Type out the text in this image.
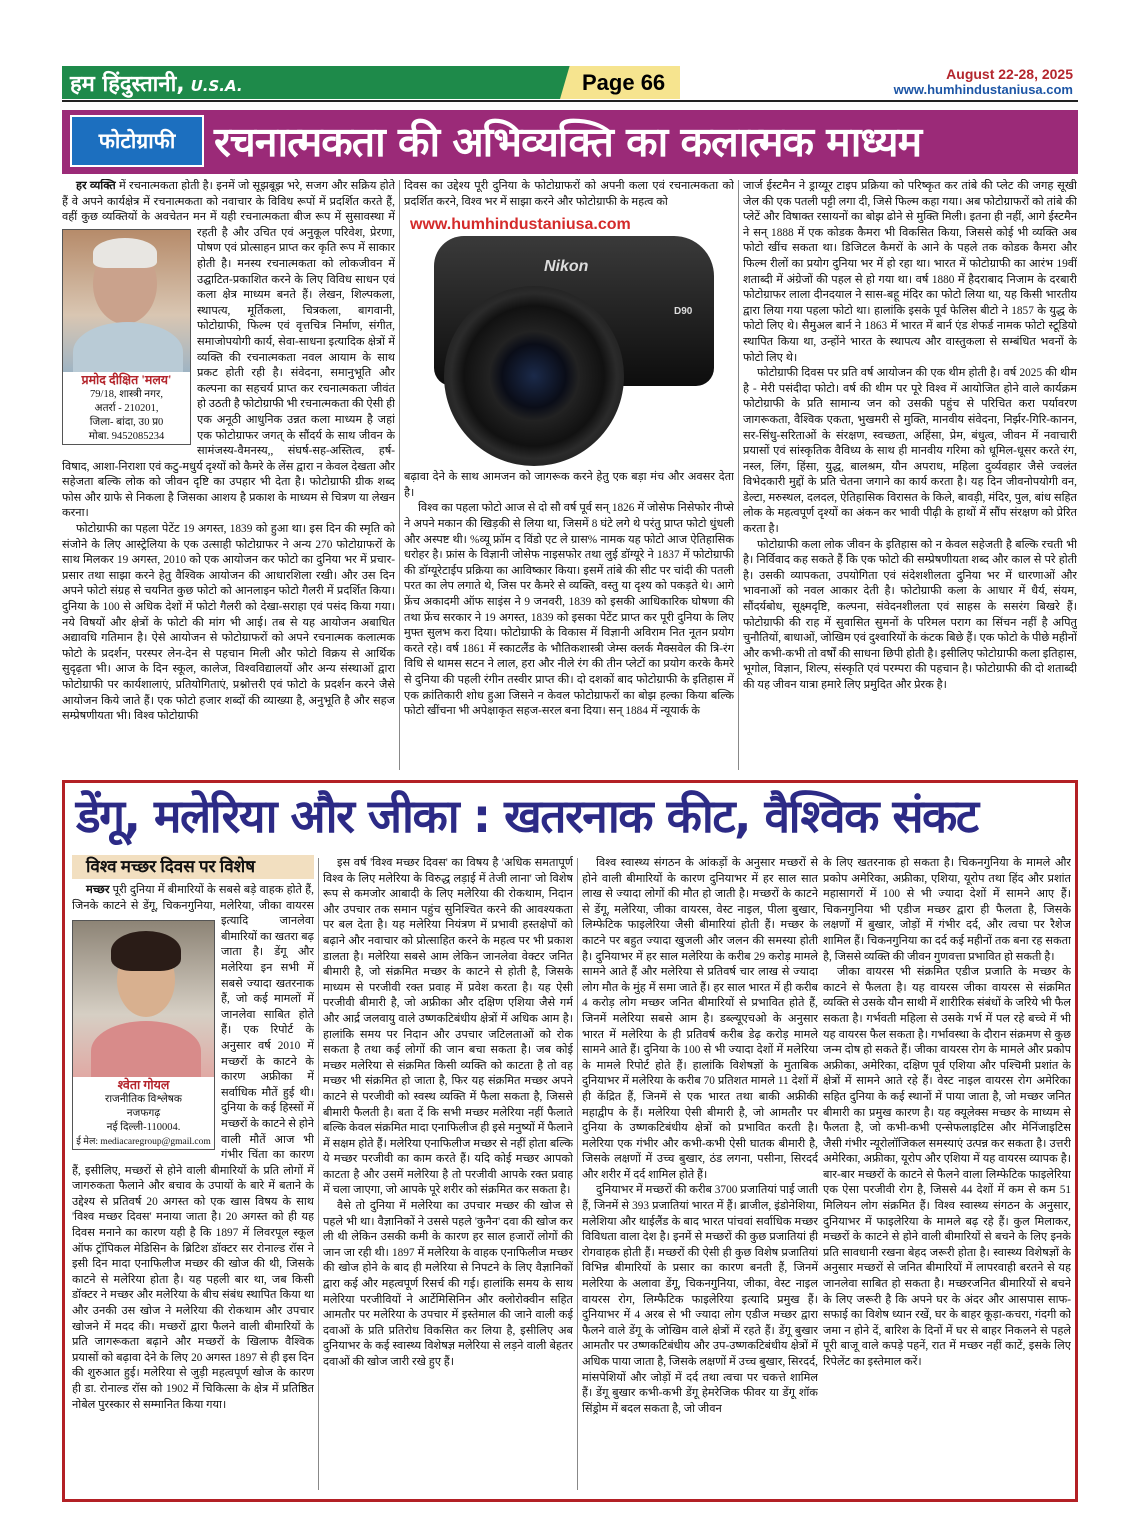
हम हिंदुस्तानी, U.S.A.	Page 66	August 22-28, 2025
www.humhindustaniusa.com
फोटोग्राफी रचनात्मकता की अभिव्यक्ति का कलात्मक माध्यम
प्रमोद दीक्षित 'मलय'
79/18, शास्त्री नगर,
अतर्रा - 210201,
जिला- बांदा, उ0 प्र0
मोबा. 9452085234

हर व्यक्ति में रचनात्मकता होती है। इनमें जो सूझबूझ भरे, सजग और सक्रिय होते हैं वे अपने कार्यक्षेत्र में रचनात्मकता को नवाचार के विविध रूपों में प्रदर्शित करते हैं, वहीं कुछ व्यक्तियों के अवचेतन मन में यही रचनात्मकता बीज रूप में सुसावस्था में रहती है और उचित एवं अनुकूल परिवेश, प्रेरणा, पोषण एवं प्रोत्साहन प्राप्त कर कृति रूप में साकार होती है। मनस्य रचनात्मकता को लोकजीवन में उद्घाटित-प्रकाशित करने के लिए विविध साधन एवं कला क्षेत्र माध्यम बनते हैं। लेखन, शिल्पकला, स्थापत्य, मूर्तिकला, चित्रकला, बागवानी, फोटोग्राफी, फिल्म एवं वृत्तचित्र निर्माण, संगीत, समाजोपयोगी कार्य, सेवा-साधना इत्यादिक क्षेत्रों में व्यक्ति की रचनात्मकता नवल आयाम के साथ प्रकट होती रही है। संवेदना, समानुभूति और कल्पना का सहचर्य प्राप्त कर रचनात्मकता जीवंत हो उठती है फोटोग्राफी भी रचनात्मकता की ऐसी ही एक अनूठी आधुनिक उन्नत कला माध्यम है जहां एक फोटोग्राफर जगत् के सौंदर्य के साथ जीवन के सामंजस्य-वैमनस्य,, संघर्ष-सह-अस्तित्व, हर्ष-विषाद, आशा-निराशा एवं कटु-मधुर्य दृश्यों को कैमरे के लेंस द्वारा न केवल देखता और सहेजता बल्कि लोक को जीवन दृष्टि का उपहार भी देता है। फोटोग्राफी ग्रीक शब्द फोस और ग्राफे से निकला है जिसका आशय है प्रकाश के माध्यम से चित्रण या लेखन करना।

फोटोग्राफी का पहला पेटेंट 19 अगस्त, 1839 को हुआ था। इस दिन की स्मृति को संजोने के लिए आस्ट्रेलिया के एक उत्साही फोटोग्राफर ने अन्य 270 फोटोग्राफरों के साथ मिलकर 19 अगस्त, 2010 को एक आयोजन कर फोटो का दुनिया भर में प्रचार-प्रसार तथा साझा करने हेतु वैश्विक आयोजन की आधारशिला रखी। और उस दिन अपने फोटो संग्रह से चयनित कुछ फोटो को आनलाइन फोटो गैलरी में प्रदर्शित किया। दुनिया के 100 से अधिक देशों में फोटो गैलरी को देखा-सराहा एवं पसंद किया गया। नये विषयों और क्षेत्रों के फोटो की मांग भी आई। तब से यह आयोजन अबाधित अद्यावधि गतिमान है। ऐसे आयोजन से फोटोग्राफरों को अपने रचनात्मक कलात्मक फोटो के प्रदर्शन, परस्पर लेन-देन से पहचान मिली और फोटो विक्रय से आर्थिक सुदृढ़ता भी। आज के दिन स्कूल, कालेज, विश्वविद्यालयों और अन्य संस्थाओं द्वारा फोटोग्राफी पर कार्यशालाएं, प्रतियोगिताएं, प्रश्नोत्तरी एवं फोटो के प्रदर्शन करने जैसे आयोजन किये जाते हैं। एक फोटो हजार शब्दों की व्याख्या है, अनुभूति है और सहज सम्प्रेषणीयता भी। विश्व फोटोग्राफी

दिवस का उद्देश्य पूरी दुनिया के फोटोग्राफरों को अपनी कला एवं रचनात्मकता को प्रदर्शित करने, विश्व भर में साझा करने और फोटोग्राफी के महत्व को

Nikon
D90
www.humhindustaniusa.com

बढ़ावा देने के साथ आमजन को जागरूक करने हेतु एक बड़ा मंच और अवसर देता है।

विश्व का पहला फोटो आज से दो सौ वर्ष पूर्व सन् 1826 में जोसेफ निसेफोर नीप्से ने अपने मकान की खिड़की से लिया था, जिसमें 8 घंटे लगे थे परंतु प्राप्त फोटो धुंधली और अस्पष्ट थी। %व्यू फ्रॉम द विंडो एट ले ग्रास% नामक यह फोटो आज ऐतिहासिक धरोहर है। फ्रांस के विज्ञानी जोसेफ नाइसफोर तथा लुई डॉग्यूरे ने 1837 में फोटोग्राफी की डॉग्यूरेटाईप प्रक्रिया का आविष्कार किया। इसमें तांबे की सीट पर चांदी की पतली परत का लेप लगाते थे, जिस पर कैमरे से व्यक्ति, वस्तु या दृश्य को पकड़ते थे। आगे फ्रेंच अकादमी ऑफ साइंस ने 9 जनवरी, 1839 को इसकी आधिकारिक घोषणा की तथा फ्रेंच सरकार ने 19 अगस्त, 1839 को इसका पेटेंट प्राप्त कर पूरी दुनिया के लिए मुफ्त सुलभ करा दिया। फोटोग्राफी के विकास में विज्ञानी अविराम नित नूतन प्रयोग करते रहे। वर्ष 1861 में स्काटलैंड के भौतिकशास्त्री जेम्स क्लर्क मैक्सवेल की त्रि-रंग विधि से थामस सटन ने लाल, हरा और नीले रंग की तीन प्लेटों का प्रयोग करके कैमरे से दुनिया की पहली रंगीन तस्वीर प्राप्त की। दो दशकों बाद फोटोग्राफी के इतिहास में एक क्रांतिकारी शोध हुआ जिसने न केवल फोटोग्राफरों का बोझ हल्का किया बल्कि फोटो खींचना भी अपेक्षाकृत सहज-सरल बना दिया। सन् 1884 में न्यूयार्क के

जार्ज ईस्टमैन ने ड्राय्यूर टाइप प्रक्रिया को परिष्कृत कर तांबे की प्लेट की जगह सूखी जेल की एक पतली पट्टी लगा दी, जिसे फिल्म कहा गया। अब फोटोग्राफरों को तांबे की प्लेटें और विषाक्त रसायनों का बोझ ढोने से मुक्ति मिली। इतना ही नहीं, आगे ईस्टमैन ने सन् 1888 में एक कोडक कैमरा भी विकसित किया, जिससे कोई भी व्यक्ति अब फोटो खींच सकता था। डिजिटल कैमरों के आने के पहले तक कोडक कैमरा और फिल्म रीलों का प्रयोग दुनिया भर में हो रहा था। भारत में फोटोग्राफी का आरंभ 19वीं शताब्दी में अंग्रेजों की पहल से हो गया था। वर्ष 1880 में हैदराबाद निजाम के दरबारी फोटोग्राफर लाला दीनदयाल ने सास-बहू मंदिर का फोटो लिया था, यह किसी भारतीय द्वारा लिया गया पहला फोटो था। हालांकि इसके पूर्व फेलिस बीटो ने 1857 के युद्ध के फोटो लिए थे। सैमुअल बार्न ने 1863 में भारत में बार्न एंड शेफर्ड नामक फोटो स्टूडियो स्थापित किया था, उन्होंने भारत के स्थापत्य और वास्तुकला से सम्बंधित भवनों के फोटो लिए थे।

फोटोग्राफी दिवस पर प्रति वर्ष आयोजन की एक थीम होती है। वर्ष 2025 की थीम है - मेरी पसंदीदा फोटो। वर्ष की थीम पर पूरे विश्व में आयोजित होने वाले कार्यक्रम फोटोग्राफी के प्रति सामान्य जन को उसकी पहुंच से परिचित करा पर्यावरण जागरूकता, वैश्विक एकता, भुखमरी से मुक्ति, मानवीय संवेदना, निर्झर-गिरि-कानन, सर-सिंधु-सरिताओं के संरक्षण, स्वच्छता, अहिंसा, प्रेम, बंधुत्व, जीवन में नवाचारी प्रयासों एवं सांस्कृतिक वैविध्य के साथ ही मानवीय गरिमा को धूमिल-धूसर करते रंग, नस्ल, लिंग, हिंसा, युद्ध, बालश्रम, यौन अपराध, महिला दुर्व्यवहार जैसे ज्वलंत विभेदकारी मुद्दों के प्रति चेतना जगाने का कार्य करता है। यह दिन जीवनोपयोगी वन, डेल्टा, मरुस्थल, दलदल, ऐतिहासिक विरासत के किले, बावड़ी, मंदिर, पुल, बांध सहित लोक के महत्वपूर्ण दृश्यों का अंकन कर भावी पीढ़ी के हाथों में सौंप संरक्षण को प्रेरित करता है।

फोटोग्राफी कला लोक जीवन के इतिहास को न केवल सहेजती है बल्कि रचती भी है। निर्विवाद कह सकते हैं कि एक फोटो की सम्प्रेषणीयता शब्द और काल से परे होती है। उसकी व्यापकता, उपयोगिता एवं संदेशशीलता दुनिया भर में धारणाओं और भावनाओं को नवल आकार देती है। फोटोग्राफी कला के आधार में धैर्य, संयम, सौंदर्यबोध, सूक्ष्मदृष्टि, कल्पना, संवेदनशीलता एवं साहस के ससरंग बिखरे हैं। फोटोग्राफी की राह में सुवासित सुमनों के परिमल पराग का सिंचन नहीं है अपितु चुनौतियों, बाधाओं, जोखिम एवं दुश्वारियों के कंटक बिछे हैं। एक फोटो के पीछे महीनों और कभी-कभी तो वर्षों की साधना छिपी होती है। इसीलिए फोटोग्राफी कला इतिहास, भूगोल, विज्ञान, शिल्प, संस्कृति एवं परम्परा की पहचान है। फोटोग्राफी की दो शताब्दी की यह जीवन यात्रा हमारे लिए प्रमुदित और प्रेरक है।

डेंगू, मलेरिया और जीका : खतरनाक कीट, वैश्विक संकट
विश्व मच्छर दिवस पर विशेष
श्वेता गोयल
राजनीतिक विश्लेषक
नजफगढ़
नई दिल्ली-110004.
ई मेल: mediacaregroup@gmail.com

मच्छर पूरी दुनिया में बीमारियों के सबसे बड़े वाहक होते हैं, जिनके काटने से डेंगू, चिकनगुनिया, मलेरिया, जीका वायरस इत्यादि जानलेवा बीमारियों का खतरा बढ़ जाता है। डेंगू और मलेरिया इन सभी में सबसे ज्यादा खतरनाक हैं, जो कई मामलों में जानलेवा साबित होते हैं। एक रिपोर्ट के अनुसार वर्ष 2010 में मच्छरों के काटने के कारण अफ्रीका में सर्वाधिक मौतें हुई थी। दुनिया के कई हिस्सों में मच्छरों के काटने से होने वाली मौतें आज भी गंभीर चिंता का कारण हैं, इसीलिए, मच्छरों से होने वाली बीमारियों के प्रति लोगों में जागरुकता फैलाने और बचाव के उपायों के बारे में बताने के उद्देश्य से प्रतिवर्ष 20 अगस्त को एक खास विषय के साथ 'विश्व मच्छर दिवस' मनाया जाता है। 20 अगस्त को ही यह दिवस मनाने का कारण यही है कि 1897 में लिवरपूल स्कूल ऑफ ट्रॉपिकल मेडिसिन के ब्रिटिश डॉक्टर सर रोनाल्ड रॉस ने इसी दिन मादा एनाफिलीज मच्छर की खोज की थी, जिसके काटने से मलेरिया होता है। यह पहली बार था, जब किसी डॉक्टर ने मच्छर और मलेरिया के बीच संबंध स्थापित किया था और उनकी उस खोज ने मलेरिया की रोकथाम और उपचार खोजने में मदद की। मच्छरों द्वारा फैलने वाली बीमारियों के प्रति जागरूकता बढ़ाने और मच्छरों के खिलाफ वैश्विक प्रयासों को बढ़ावा देने के लिए 20 अगस्त 1897 से ही इस दिन की शुरुआत हुई। मलेरिया से जुड़ी महत्वपूर्ण खोज के कारण ही डा. रोनाल्ड रॉस को 1902 में चिकित्सा के क्षेत्र में प्रतिष्ठित नोबेल पुरस्कार से सम्मानित किया गया।

इस वर्ष 'विश्व मच्छर दिवस' का विषय है 'अधिक समतापूर्ण विश्व के लिए मलेरिया के विरुद्ध लड़ाई में तेजी लाना' जो विशेष रूप से कमजोर आबादी के लिए मलेरिया की रोकथाम, निदान और उपचार तक समान पहुंच सुनिश्चित करने की आवश्यकता पर बल देता है। यह मलेरिया नियंत्रण में प्रभावी हस्तक्षेपों को बढ़ाने और नवाचार को प्रोत्साहित करने के महत्व पर भी प्रकाश डालता है। मलेरिया सबसे आम लेकिन जानलेवा वेक्टर जनित बीमारी है, जो संक्रमित मच्छर के काटने से होती है, जिसके माध्यम से परजीवी रक्त प्रवाह में प्रवेश करता है। यह ऐसी परजीवी बीमारी है, जो अफ्रीका और दक्षिण एशिया जैसे गर्म और आर्द्र जलवायु वाले उष्णकटिबंधीय क्षेत्रों में अधिक आम है। हालांकि समय पर निदान और उपचार जटिलताओं को रोक सकता है तथा कई लोगों की जान बचा सकता है। जब कोई मच्छर मलेरिया से संक्रमित किसी व्यक्ति को काटता है तो वह मच्छर भी संक्रमित हो जाता है, फिर यह संक्रमित मच्छर अपने काटने से परजीवी को स्वस्थ व्यक्ति में फैला सकता है, जिससे बीमारी फैलती है। बता दें कि सभी मच्छर मलेरिया नहीं फैलाते बल्कि केवल संक्रमित मादा एनाफिलीज ही इसे मनुष्यों में फैलाने में सक्षम होते हैं। मलेरिया एनाफिलीज मच्छर से नहीं होता बल्कि ये मच्छर परजीवी का काम करते हैं। यदि कोई मच्छर आपको काटता है और उसमें मलेरिया है तो परजीवी आपके रक्त प्रवाह में चला जाएगा, जो आपके पूरे शरीर को संक्रमित कर सकता है।

वैसे तो दुनिया में मलेरिया का उपचार मच्छर की खोज से पहले भी था। वैज्ञानिकों ने उससे पहले 'कुनैन' दवा की खोज कर ली थी लेकिन उसकी कमी के कारण हर साल हजारों लोगों की जान जा रही थी। 1897 में मलेरिया के वाहक एनाफिलीज मच्छर की खोज होने के बाद ही मलेरिया से निपटने के लिए वैज्ञानिकों द्वारा कई और महत्वपूर्ण रिसर्च की गई। हालांकि समय के साथ मलेरिया परजीवियों ने आर्टेमिसिनिन और क्लोरोक्वीन सहित आमतौर पर मलेरिया के उपचार में इस्तेमाल की जाने वाली कई दवाओं के प्रति प्रतिरोध विकसित कर लिया है, इसीलिए अब दुनियाभर के कई स्वास्थ्य विशेषज्ञ मलेरिया से लड़ने वाली बेहतर दवाओं की खोज जारी रखे हुए हैं।

विश्व स्वास्थ्य संगठन के आंकड़ों के अनुसार मच्छरों से होने वाली बीमारियों के कारण दुनियाभर में हर साल सात लाख से ज्यादा लोगों की मौत हो जाती है। मच्छरों के काटने से डेंगू, मलेरिया, जीका वायरस, वेस्ट नाइल, पीला बुखार, लिम्फेटिक फाइलेरिया जैसी बीमारियां होती हैं। मच्छर के काटने पर बहुत ज्यादा खुजली और जलन की समस्या होती है। दुनियाभर में हर साल मलेरिया के करीब 29 करोड़ मामले सामने आते हैं और मलेरिया से प्रतिवर्ष चार लाख से ज्यादा लोग मौत के मुंह में समा जाते हैं। हर साल भारत में ही करीब 4 करोड़ लोग मच्छर जनित बीमारियों से प्रभावित होते हैं, जिनमें मलेरिया सबसे आम है। डब्ल्यूएचओ के अनुसार भारत में मलेरिया के ही प्रतिवर्ष करीब डेढ़ करोड़ मामले सामने आते हैं। दुनिया के 100 से भी ज्यादा देशों में मलेरिया के मामले रिपोर्ट होते हैं। हालांकि विशेषज्ञों के मुताबिक दुनियाभर में मलेरिया के करीब 70 प्रतिशत मामले 11 देशों में ही केंद्रित हैं, जिनमें से एक भारत तथा बाकी अफ्रीकी महाद्वीप के हैं। मलेरिया ऐसी बीमारी है, जो आमतौर पर दुनिया के उष्णकटिबंधीय क्षेत्रों को प्रभावित करती है। मलेरिया एक गंभीर और कभी-कभी ऐसी घातक बीमारी है, जिसके लक्षणों में उच्च बुखार, ठंड लगना, पसीना, सिरदर्द और शरीर में दर्द शामिल होते हैं।

दुनियाभर में मच्छरों की करीब 3700 प्रजातियां पाई जाती हैं, जिनमें से 393 प्रजातियां भारत में हैं। ब्राजील, इंडोनेशिया, मलेशिया और थाईलैंड के बाद भारत पांचवां सर्वाधिक मच्छर विविधता वाला देश है। इनमें से मच्छरों की कुछ प्रजातियां ही रोगवाहक होती हैं। मच्छरों की ऐसी ही कुछ विशेष प्रजातियां विभिन्न बीमारियों के प्रसार का कारण बनती हैं, जिनमें मलेरिया के अलावा डेंगू, चिकनगुनिया, जीका, वेस्ट नाइल वायरस रोग, लिम्फैटिक फाइलेरिया इत्यादि प्रमुख हैं। दुनियाभर में 4 अरब से भी ज्यादा लोग एडीज मच्छर द्वारा फैलने वाले डेंगू के जोखिम वाले क्षेत्रों में रहते हैं। डेंगू बुखार आमतौर पर उष्णकटिबंधीय और उप-उष्णकटिबंधीय क्षेत्रों में अधिक पाया जाता है, जिसके लक्षणों में उच्च बुखार, सिरदर्द, मांसपेशियों और जोड़ों में दर्द तथा त्वचा पर चकत्ते शामिल हैं। डेंगू बुखार कभी-कभी डेंगू हेमरेजिक फीवर या डेंगू शॉक सिंड्रोम में बदल सकता है, जो जीवन

के लिए खतरनाक हो सकता है। चिकनगुनिया के मामले और प्रकोप अमेरिका, अफ्रीका, एशिया, यूरोप तथा हिंद और प्रशांत महासागरों में 100 से भी ज्यादा देशों में सामने आए हैं। चिकनगुनिया भी एडीज मच्छर द्वारा ही फैलता है, जिसके लक्षणों में बुखार, जोड़ों में गंभीर दर्द, और त्वचा पर रैशेज शामिल हैं। चिकनगुनिया का दर्द कई महीनों तक बना रह सकता है, जिससे व्यक्ति की जीवन गुणवत्ता प्रभावित हो सकती है।

जीका वायरस भी संक्रमित एडीज प्रजाति के मच्छर के काटने से फैलता है। यह वायरस जीका वायरस से संक्रमित व्यक्ति से उसके यौन साथी में शारीरिक संबंधों के जरिये भी फैल सकता है। गर्भवती महिला से उसके गर्भ में पल रहे बच्चे में भी यह वायरस फैल सकता है। गर्भावस्था के दौरान संक्रमण से कुछ जन्म दोष हो सकते हैं। जीका वायरस रोग के मामले और प्रकोप अफ्रीका, अमेरिका, दक्षिण पूर्व एशिया और पश्चिमी प्रशांत के क्षेत्रों में सामने आते रहे हैं। वेस्ट नाइल वायरस रोग अमेरिका सहित दुनिया के कई स्थानों में पाया जाता है, जो मच्छर जनित बीमारी का प्रमुख कारण है। यह क्यूलेक्स मच्छर के माध्यम से फैलता है, जो कभी-कभी एन्सेफलाइटिस और मेनिंजाइटिस जैसी गंभीर न्यूरोलॉजिकल समस्याएं उत्पन्न कर सकता है। उत्तरी अमेरिका, अफ्रीका, यूरोप और एशिया में यह वायरस व्यापक है। बार-बार मच्छरों के काटने से फैलने वाला लिम्फेटिक फाइलेरिया एक ऐसा परजीवी रोग है, जिससे 44 देशों में कम से कम 51 मिलियन लोग संक्रमित हैं। विश्व स्वास्थ्य संगठन के अनुसार, दुनियाभर में फाइलेरिया के मामले बढ़ रहे हैं। कुल मिलाकर, मच्छरों के काटने से होने वाली बीमारियों से बचने के लिए इनके प्रति सावधानी रखना बेहद जरूरी होता है। स्वास्थ्य विशेषज्ञों के अनुसार मच्छरों से जनित बीमारियों में लापरवाही बरतने से यह जानलेवा साबित हो सकता है। मच्छरजनित बीमारियों से बचने के लिए जरूरी है कि अपने घर के अंदर और आसपास साफ-सफाई का विशेष ध्यान रखें, घर के बाहर कूड़ा-कचरा, गंदगी को जमा न होने दें, बारिश के दिनों में घर से बाहर निकलने से पहले पूरी बाजू वाले कपड़े पहनें, रात में मच्छर नहीं काटें, इसके लिए रिपेलेंट का इस्तेमाल करें।
